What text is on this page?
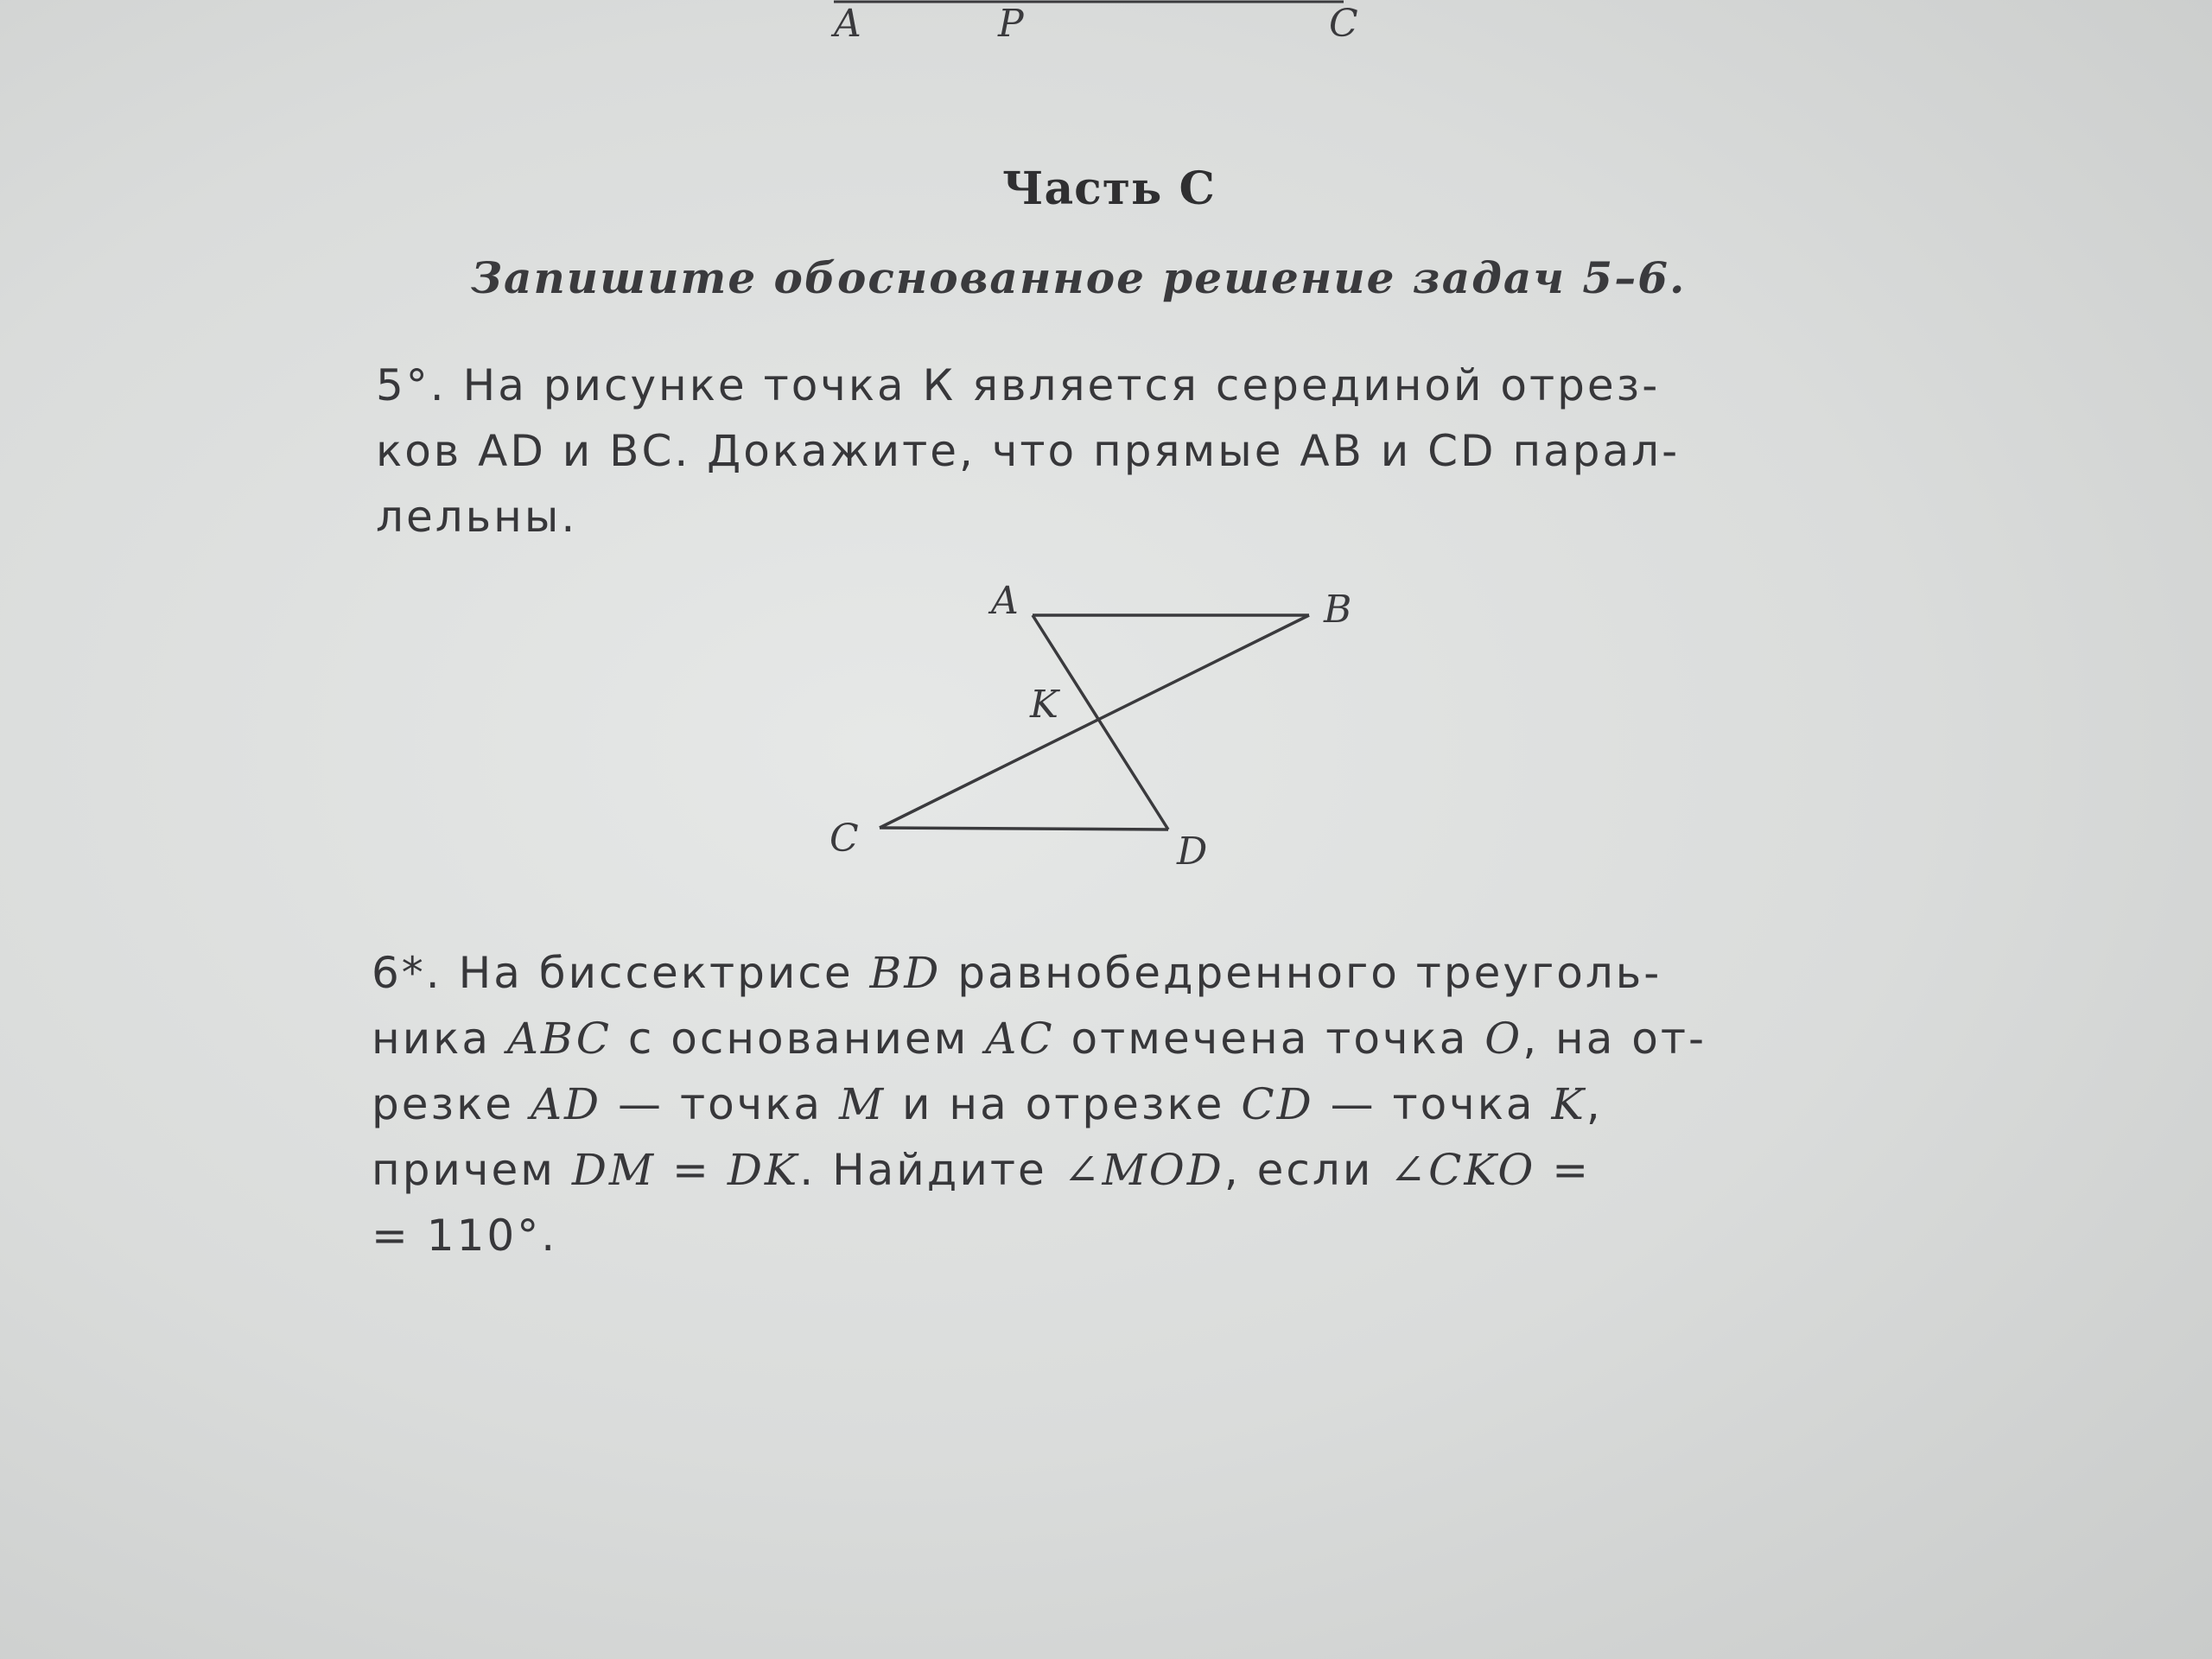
A	P	C
Часть С
Запишите обоснованное решение задач 5–6.
5°. На рисунке точка К является серединой отрез-
ков AD и ВС. Докажите, что прямые АВ и CD парал-
лельны.
A	B
K
C	D
6*. На биссектрисе BD равнобедренного треуголь-
ника ABC с основанием AC отмечена точка O, на от-
резке AD — точка M и на отрезке CD — точка K,
причем DM = DK. Найдите ∠MOD, если ∠CKO =
= 110°.
